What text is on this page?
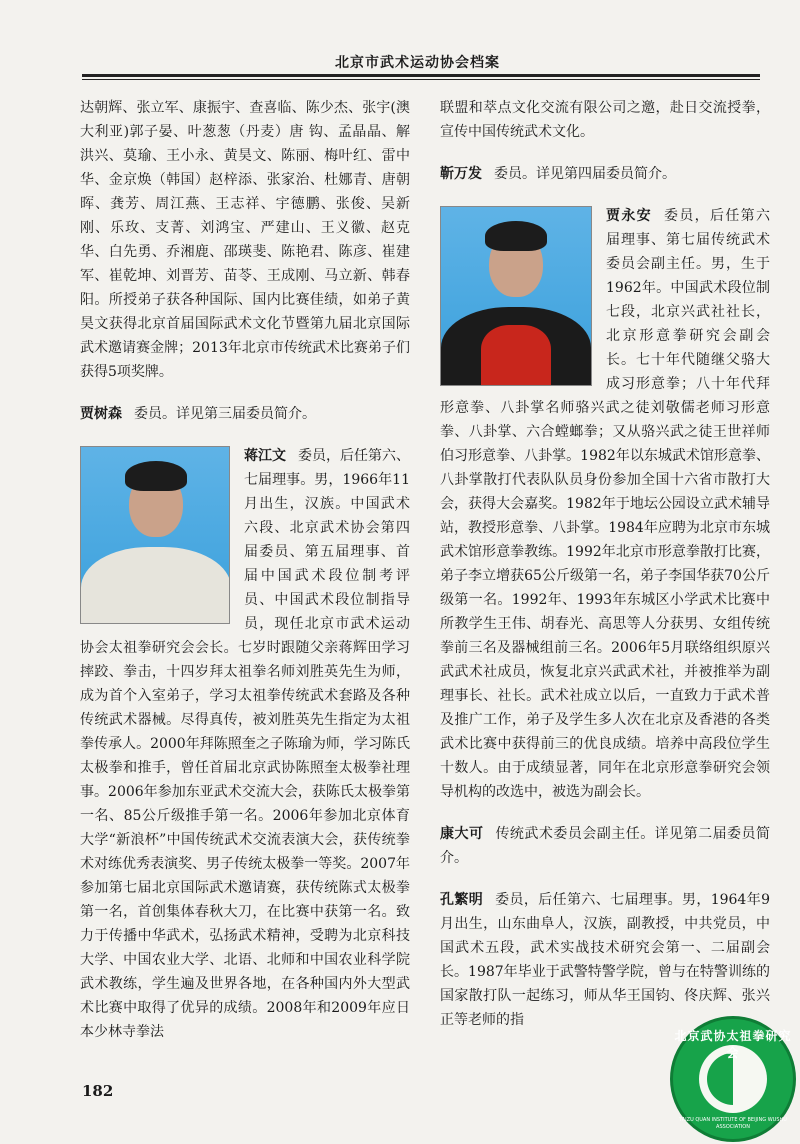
北京市武术运动协会档案

达朝辉、张立军、康振宇、查喜临、陈少杰、张宇(澳大利亚)郭子晏、叶葱葱（丹麦）唐 钩、孟晶晶、解洪兴、莫瑜、王小永、黄昊文、陈丽、梅叶红、雷中华、金京焕（韩国）赵梓添、张家治、杜娜青、唐朝晖、龚芳、周江燕、王志祥、宇德鹏、张俊、吴新刚、乐玫、支菁、刘鸿宝、严建山、王义徽、赵克华、白先勇、乔湘鹿、邵瑛斐、陈艳君、陈彦、崔建军、崔乾坤、刘晋芳、苗苓、王成刚、马立新、韩春阳。所授弟子获各种国际、国内比赛佳绩，如弟子黄昊文获得北京首届国际武术文化节暨第九届北京国际武术邀请赛金牌；2013年北京市传统武术比赛弟子们获得5项奖牌。

贾树森 委员。详见第三届委员简介。

蒋江文 委员，后任第六、七届理事。男，1966年11月出生，汉族。中国武术六段、北京武术协会第四届委员、第五届理事、首届中国武术段位制考评员、中国武术段位制指导员，现任北京市武术运动协会太祖拳研究会会长。七岁时跟随父亲蒋辉田学习摔跤、拳击，十四岁拜太祖拳名师刘胜英先生为师，成为首个入室弟子，学习太祖拳传统武术套路及各种传统武术器械。尽得真传，被刘胜英先生指定为太祖拳传承人。2000年拜陈照奎之子陈瑜为师，学习陈氏太极拳和推手，曾任首届北京武协陈照奎太极拳社理事。2006年参加东亚武术交流大会，获陈氏太极拳第一名、85公斤级推手第一名。2006年参加北京体育大学“新浪杯”中国传统武术交流表演大会，获传统拳术对练优秀表演奖、男子传统太极拳一等奖。2007年参加第七届北京国际武术邀请赛，获传统陈式太极拳第一名，首创集体春秋大刀，在比赛中获第一名。致力于传播中华武术，弘扬武术精神，受聘为北京科技大学、中国农业大学、北语、北师和中国农业科学院武术教练，学生遍及世界各地，在各种国内外大型武术比赛中取得了优异的成绩。2008年和2009年应日本少林寺拳法

联盟和萃点文化交流有限公司之邀，赴日交流授拳，宣传中国传统武术文化。

靳万发 委员。详见第四届委员简介。

贾永安 委员，后任第六届理事、第七届传统武术委员会副主任。男，生于1962年。中国武术段位制七段，北京兴武社社长，北京形意拳研究会副会长。七十年代随继父骆大成习形意拳；八十年代拜形意拳、八卦掌名师骆兴武之徒刘敬儒老师习形意拳、八卦掌、六合螳螂拳；又从骆兴武之徒王世祥师伯习形意拳、八卦掌。1982年以东城武术馆形意拳、八卦掌散打代表队队员身份参加全国十六省市散打大会，获得大会嘉奖。1982年于地坛公园设立武术辅导站，教授形意拳、八卦掌。1984年应聘为北京市东城武术馆形意拳教练。1992年北京市形意拳散打比赛，弟子李立增获65公斤级第一名，弟子李国华获70公斤级第一名。1992年、1993年东城区小学武术比赛中所教学生王伟、胡春光、高思等人分获男、女组传统拳前三名及器械组前三名。2006年5月联络组织原兴武武术社成员，恢复北京兴武武术社，并被推举为副理事长、社长。武术社成立以后，一直致力于武术普及推广工作，弟子及学生多人次在北京及香港的各类武术比赛中获得前三的优良成绩。培养中高段位学生十数人。由于成绩显著，同年在北京形意拳研究会领导机构的改选中，被选为副会长。

康大可 传统武术委员会副主任。详见第二届委员简介。

孔繁明 委员，后任第六、七届理事。男，1964年9月出生，山东曲阜人，汉族，副教授，中共党员，中国武术五段，武术实战技术研究会第一、二届副会长。1987年毕业于武警特警学院，曾与在特警训练的国家散打队一起练习，师从华王国钧、佟庆辉、张兴正等老师的指

182
北京武协太祖拳研究会
TAIZU QUAN INSTITUTE OF BEIJING WUSHU ASSOCIATION
